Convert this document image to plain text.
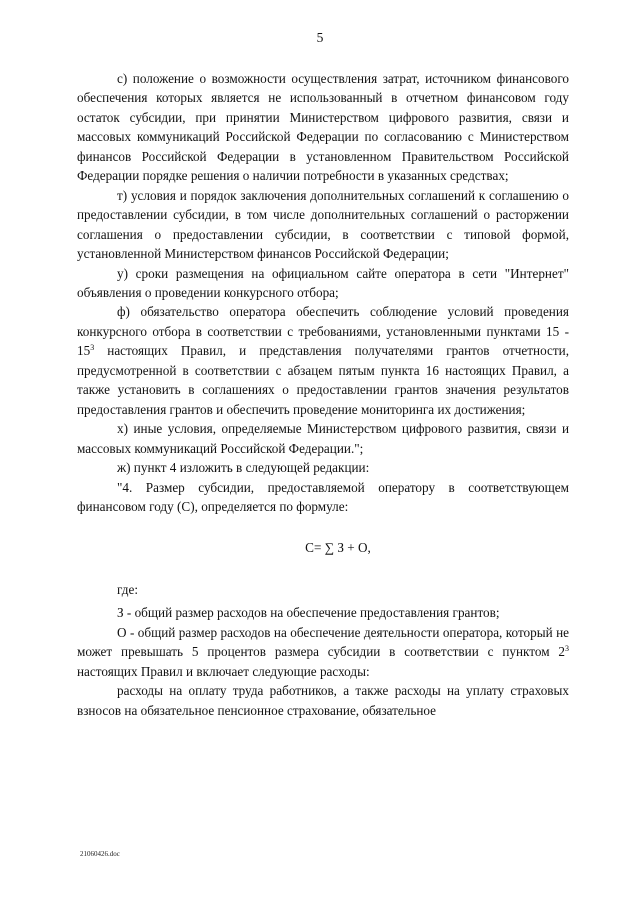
5

с) положение о возможности осуществления затрат, источником финансового обеспечения которых является не использованный в отчетном финансовом году остаток субсидии, при принятии Министерством цифрового развития, связи и массовых коммуникаций Российской Федерации по согласованию с Министерством финансов Российской Федерации в установленном Правительством Российской Федерации порядке решения о наличии потребности в указанных средствах;

т) условия и порядок заключения дополнительных соглашений к соглашению о предоставлении субсидии, в том числе дополнительных соглашений о расторжении соглашения о предоставлении субсидии, в соответствии с типовой формой, установленной Министерством финансов Российской Федерации;

у) сроки размещения на официальном сайте оператора в сети "Интернет" объявления о проведении конкурсного отбора;

ф) обязательство оператора обеспечить соблюдение условий проведения конкурсного отбора в соответствии с требованиями, установленными пунктами $15 - 15^3$ настоящих Правил, и представления получателями грантов отчетности, предусмотренной в соответствии с абзацем пятым пункта 16 настоящих Правил, а также установить в соглашениях о предоставлении грантов значения результатов предоставления грантов и обеспечить проведение мониторинга их достижения;

х) иные условия, определяемые Министерством цифрового развития, связи и массовых коммуникаций Российской Федерации.";

ж) пункт 4 изложить в следующей редакции:

"4. Размер субсидии, предоставляемой оператору в соответствующем финансовом году (С), определяется по формуле:

С= ∑ З + О,

где:

З - общий размер расходов на обеспечение предоставления грантов;

О - общий размер расходов на обеспечение деятельности оператора, который не может превышать 5 процентов размера субсидии в соответствии с пунктом $2^3$ настоящих Правил и включает следующие расходы:

расходы на оплату труда работников, а также расходы на уплату страховых взносов на обязательное пенсионное страхование, обязательное

21060426.doc
